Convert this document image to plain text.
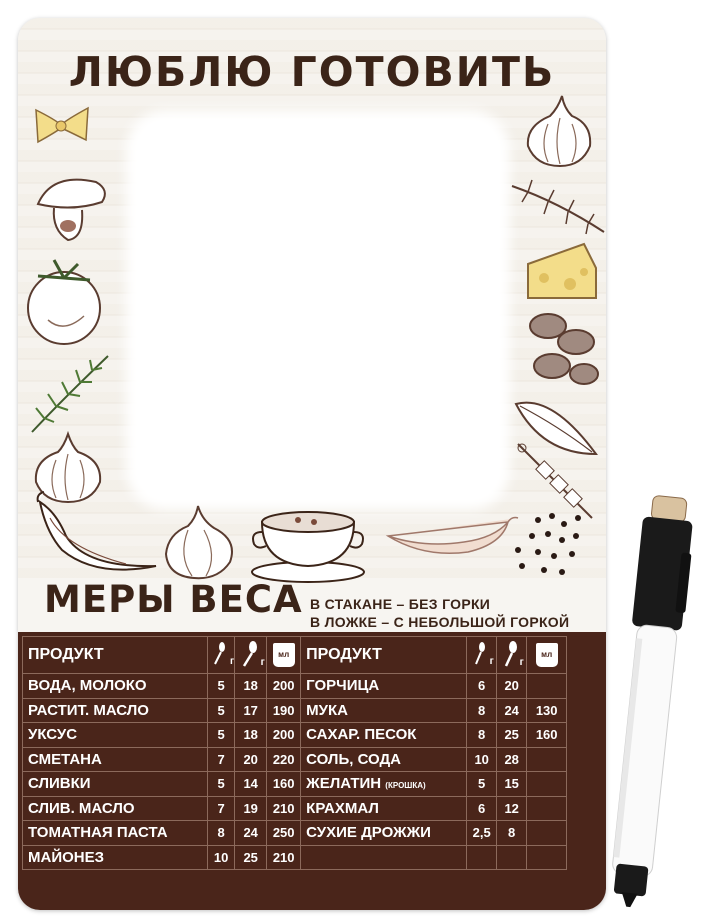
ЛЮБЛЮ ГОТОВИТЬ
МЕРЫ ВЕСА В СТАКАНЕ – БЕЗ ГОРКИ
В ЛОЖКЕ – С НЕБОЛЬШОЙ ГОРКОЙ
ПРОДУКТ	г	г	мл	ПРОДУКТ	г	г	мл

ВОДА, МОЛОКО	5	18	200	ГОРЧИЦА	6	20	
РАСТИТ. МАСЛО	5	17	190	МУКА	8	24	130
УКСУС	5	18	200	САХАР. ПЕСОК	8	25	160
СМЕТАНА	7	20	220	СОЛЬ, СОДА	10	28	
СЛИВКИ	5	14	160	ЖЕЛАТИН (КРОШКА)	5	15	
СЛИВ. МАСЛО	7	19	210	КРАХМАЛ	6	12	
ТОМАТНАЯ ПАСТА	8	24	250	СУХИЕ ДРОЖЖИ	2,5	8	
МАЙОНЕЗ	10	25	210				
